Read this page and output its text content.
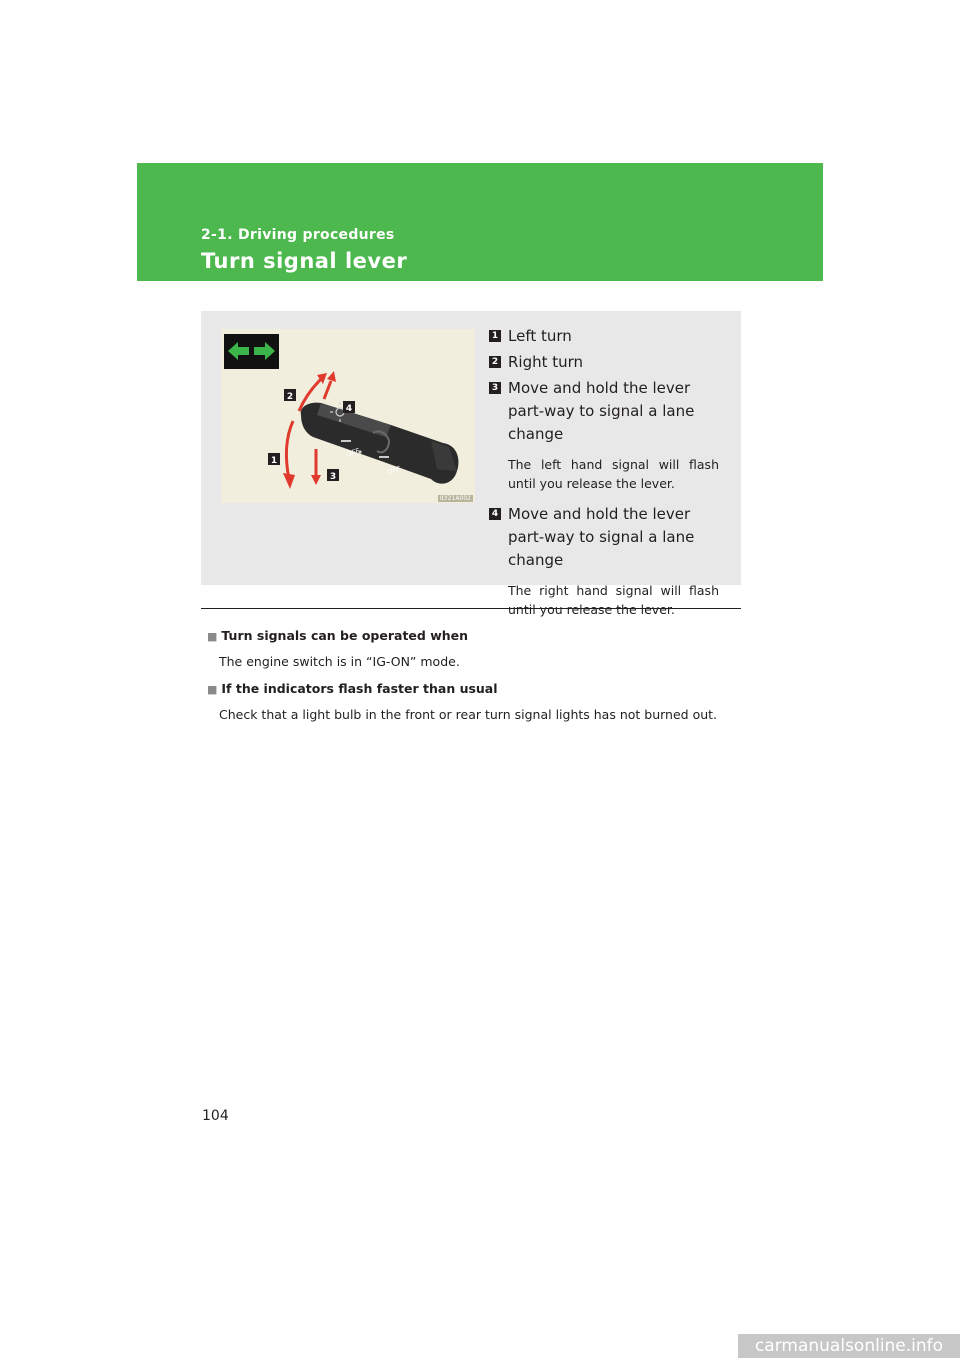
2-1. Driving procedures
Turn signal lever
OFF
OFF
2
4
1
3
ILY21A002
1 Left turn
2 Right turn
3 Move and hold the lever part-way to signal a lane change
The left hand signal will flash until you release the lever.
4 Move and hold the lever part-way to signal a lane change
The right hand signal will flash until you release the lever.
■ Turn signals can be operated when
The engine switch is in “IG-ON” mode.
■ If the indicators flash faster than usual
Check that a light bulb in the front or rear turn signal lights has not burned out.
104
carmanualsonline.info
